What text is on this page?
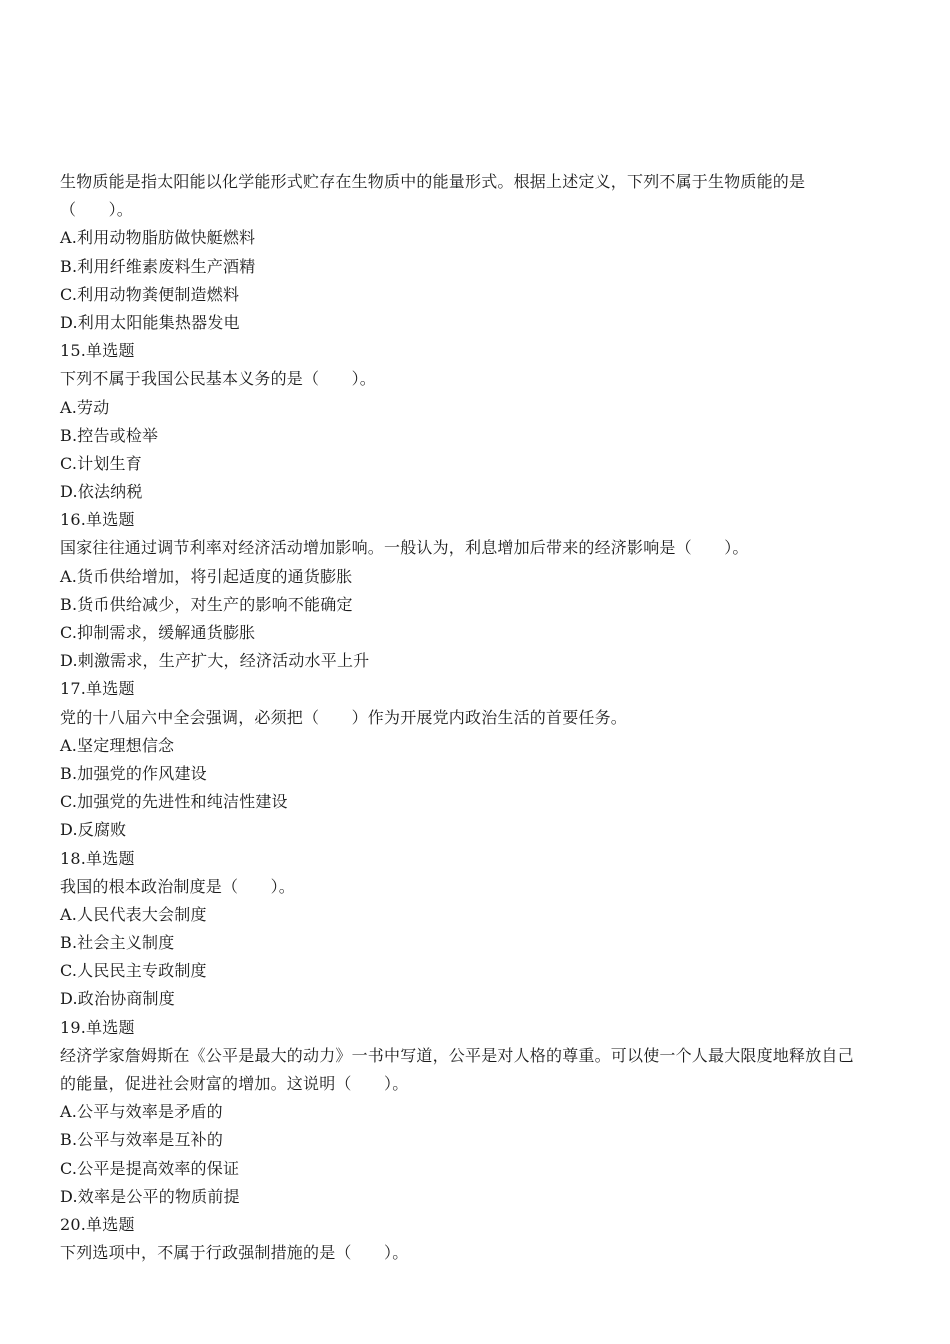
生物质能是指太阳能以化学能形式贮存在生物质中的能量形式。根据上述定义，下列不属于生物质能的是
（　　）。
A.利用动物脂肪做快艇燃料
B.利用纤维素废料生产酒精
C.利用动物粪便制造燃料
D.利用太阳能集热器发电
15.单选题
下列不属于我国公民基本义务的是（　　）。
A.劳动
B.控告或检举
C.计划生育
D.依法纳税
16.单选题
国家往往通过调节利率对经济活动增加影响。一般认为，利息增加后带来的经济影响是（　　）。
A.货币供给增加，将引起适度的通货膨胀
B.货币供给减少，对生产的影响不能确定
C.抑制需求，缓解通货膨胀
D.刺激需求，生产扩大，经济活动水平上升
17.单选题
党的十八届六中全会强调，必须把（　　）作为开展党内政治生活的首要任务。
A.坚定理想信念
B.加强党的作风建设
C.加强党的先进性和纯洁性建设
D.反腐败
18.单选题
我国的根本政治制度是（　　）。
A.人民代表大会制度
B.社会主义制度
C.人民民主专政制度
D.政治协商制度
19.单选题
经济学家詹姆斯在《公平是最大的动力》一书中写道，公平是对人格的尊重。可以使一个人最大限度地释放自己
的能量，促进社会财富的增加。这说明（　　）。
A.公平与效率是矛盾的
B.公平与效率是互补的
C.公平是提高效率的保证
D.效率是公平的物质前提
20.单选题
下列选项中，不属于行政强制措施的是（　　）。
